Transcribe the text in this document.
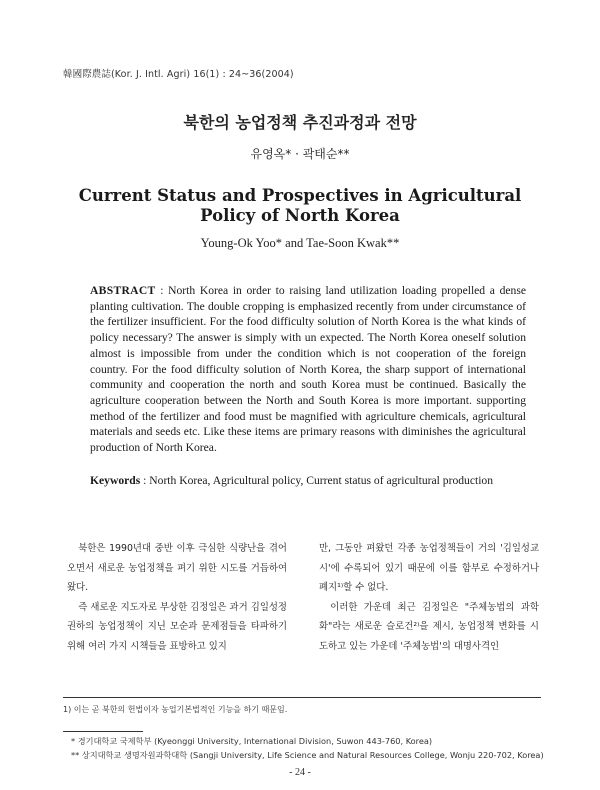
韓國際農誌(Kor. J. Intl. Agri) 16(1) : 24~36(2004)
북한의 농업정책 추진과정과 전망
유영옥* · 곽태순**
Current Status and Prospectives in Agricultural Policy of North Korea
Young-Ok Yoo* and Tae-Soon Kwak**

ABSTRACT : North Korea in order to raising land utilization loading propelled a dense planting cultivation. The double cropping is emphasized recently from under circumstance of the fertilizer insufficient. For the food difficulty solution of North Korea is the what kinds of policy necessary? The answer is simply with un expected. The North Korea oneself solution almost is impossible from under the condition which is not cooperation of the foreign country. For the food difficulty solution of North Korea, the sharp support of international community and cooperation the north and south Korea must be continued. Basically the agriculture cooperation between the North and South Korea is more important. supporting method of the fertilizer and food must be magnified with agriculture chemicals, agricultural materials and seeds etc. Like these items are primary reasons with diminishes the agricultural production of North Korea.

Keywords : North Korea, Agricultural policy, Current status of agricultural production

북한은 1990년대 중반 이후 극심한 식량난을 겪어오면서 새로운 농업정책을 펴기 위한 시도를 거듭하여 왔다.

즉 새로운 지도자로 부상한 김정일은 과거 김일성정권하의 농업정책이 지닌 모순과 문제점들을 타파하기 위해 여러 가지 시책들을 표방하고 있지

만, 그동안 펴왔던 각종 농업정책들이 거의 '김일성교시'에 수록되어 있기 때문에 이를 함부로 수정하거나 폐지¹⁾할 수 없다.

이러한 가운데 최근 김정일은 "주체농법의 과학화"라는 새로운 슬로건²⁾을 제시, 농업정책 변화를 시도하고 있는 가운데 '주체농법'의 대명사격인

1) 이는 곧 북한의 헌법이자 농업기본법적인 기능을 하기 때문임.
* 경기대학교 국제학부 (Kyeonggi University, International Division, Suwon 443-760, Korea)
** 상지대학교 생명자원과학대학 (Sangji University, Life Science and Natural Resources College, Wonju 220-702, Korea)
- 24 -
